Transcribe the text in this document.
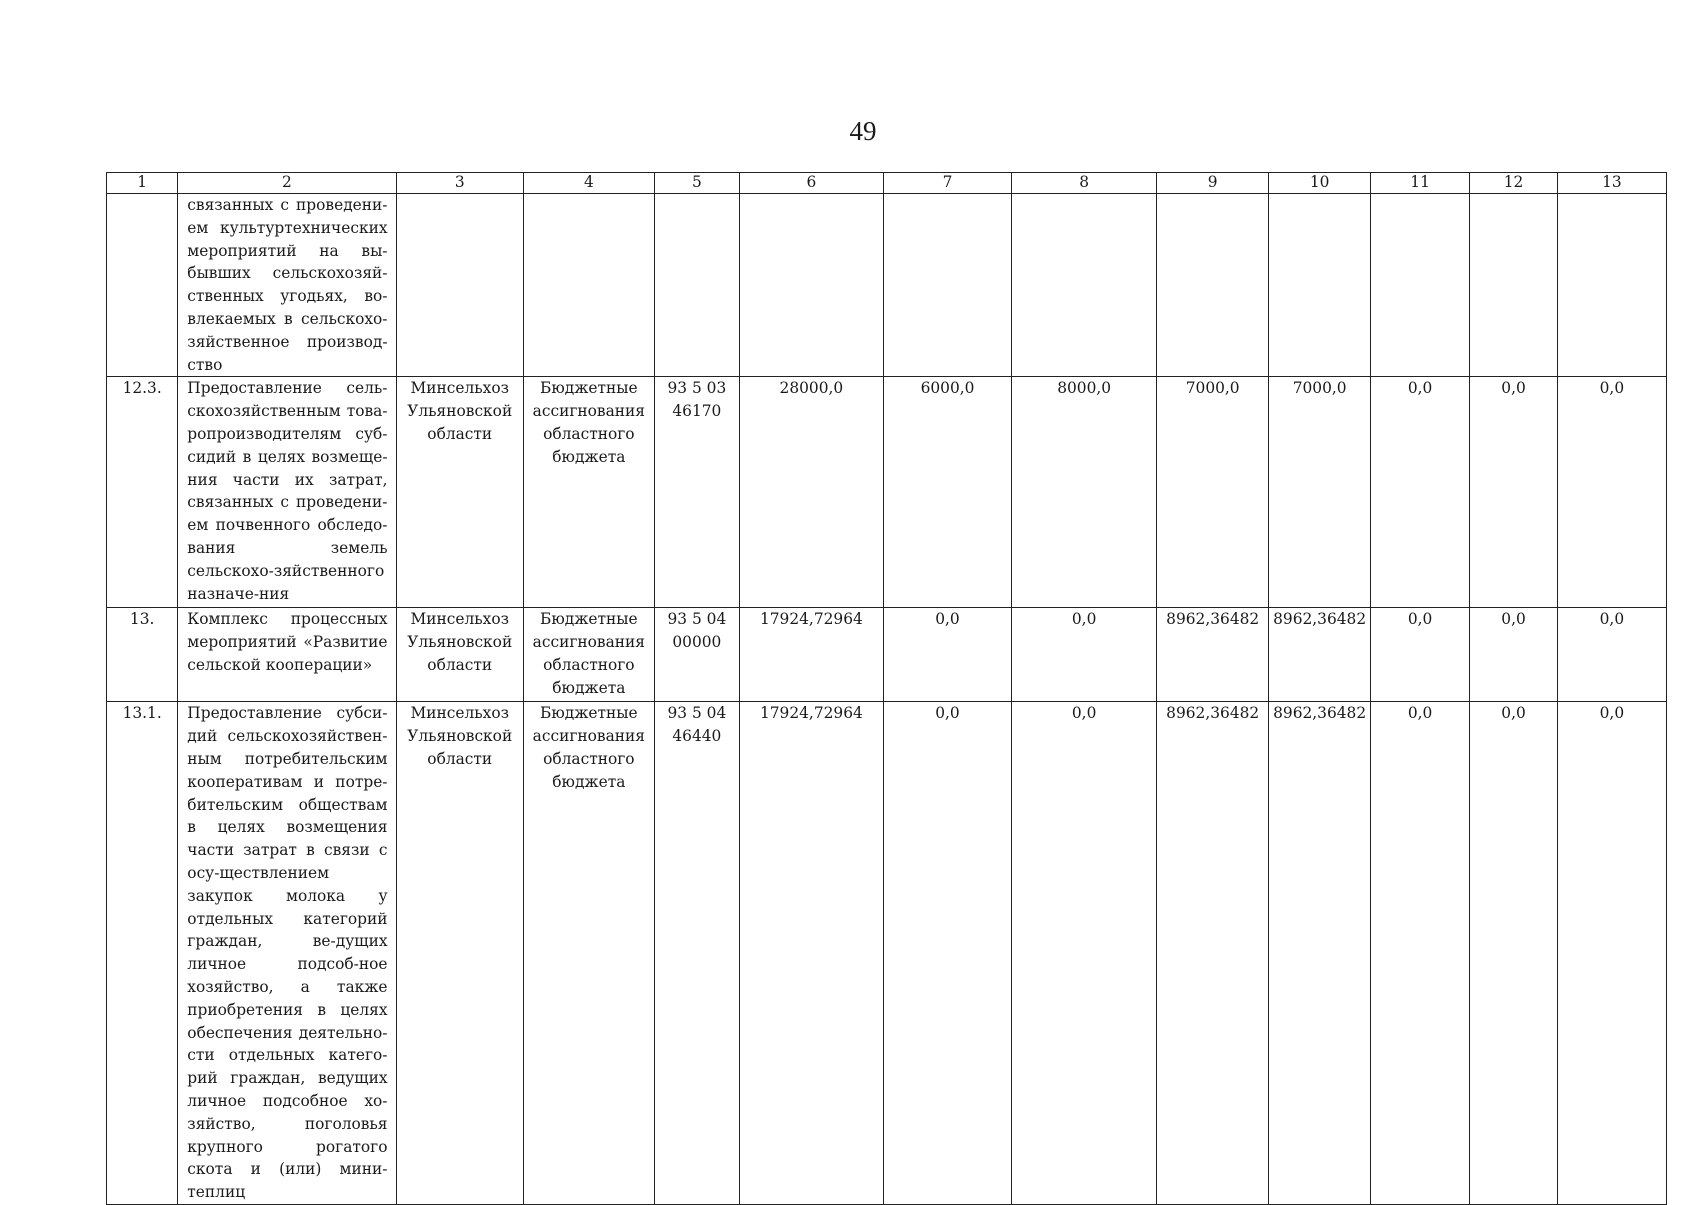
49
1	2	3	4	5	6	7	8	9	10	11	12	13
	связанных с проведени-ем культуртехнических мероприятий на вы-бывших сельскохозяй-ственных угодьях, во-влекаемых в сельскохо-зяйственное производ-ство											
12.3.	Предоставление сель-скохозяйственным това-ропроизводителям суб-сидий в целях возмеще-ния части их затрат, связанных с проведени-ем почвенного обследо-вания земель сельскохо-зяйственного назначе-ния	Минсельхоз Ульяновской области	Бюджетные ассигнования областного бюджета	93 5 03 46170	28000,0	6000,0	8000,0	7000,0	7000,0	0,0	0,0	0,0
13.	Комплекс процессных мероприятий «Развитие сельской кооперации»	Минсельхоз Ульяновской области	Бюджетные ассигнования областного бюджета	93 5 04 00000	17924,72964	0,0	0,0	8962,36482	8962,36482	0,0	0,0	0,0
13.1.	Предоставление субси-дий сельскохозяйствен-ным потребительским кооперативам и потре-бительским обществам в целях возмещения части затрат в связи с осу-ществлением закупок молока у отдельных категорий граждан, ве-дущих личное подсоб-ное хозяйство, а также приобретения в целях обеспечения деятельно-сти отдельных катего-рий граждан, ведущих личное подсобное хо-зяйство, поголовья крупного рогатого скота и (или) мини-теплиц	Минсельхоз Ульяновской области	Бюджетные ассигнования областного бюджета	93 5 04 46440	17924,72964	0,0	0,0	8962,36482	8962,36482	0,0	0,0	0,0
